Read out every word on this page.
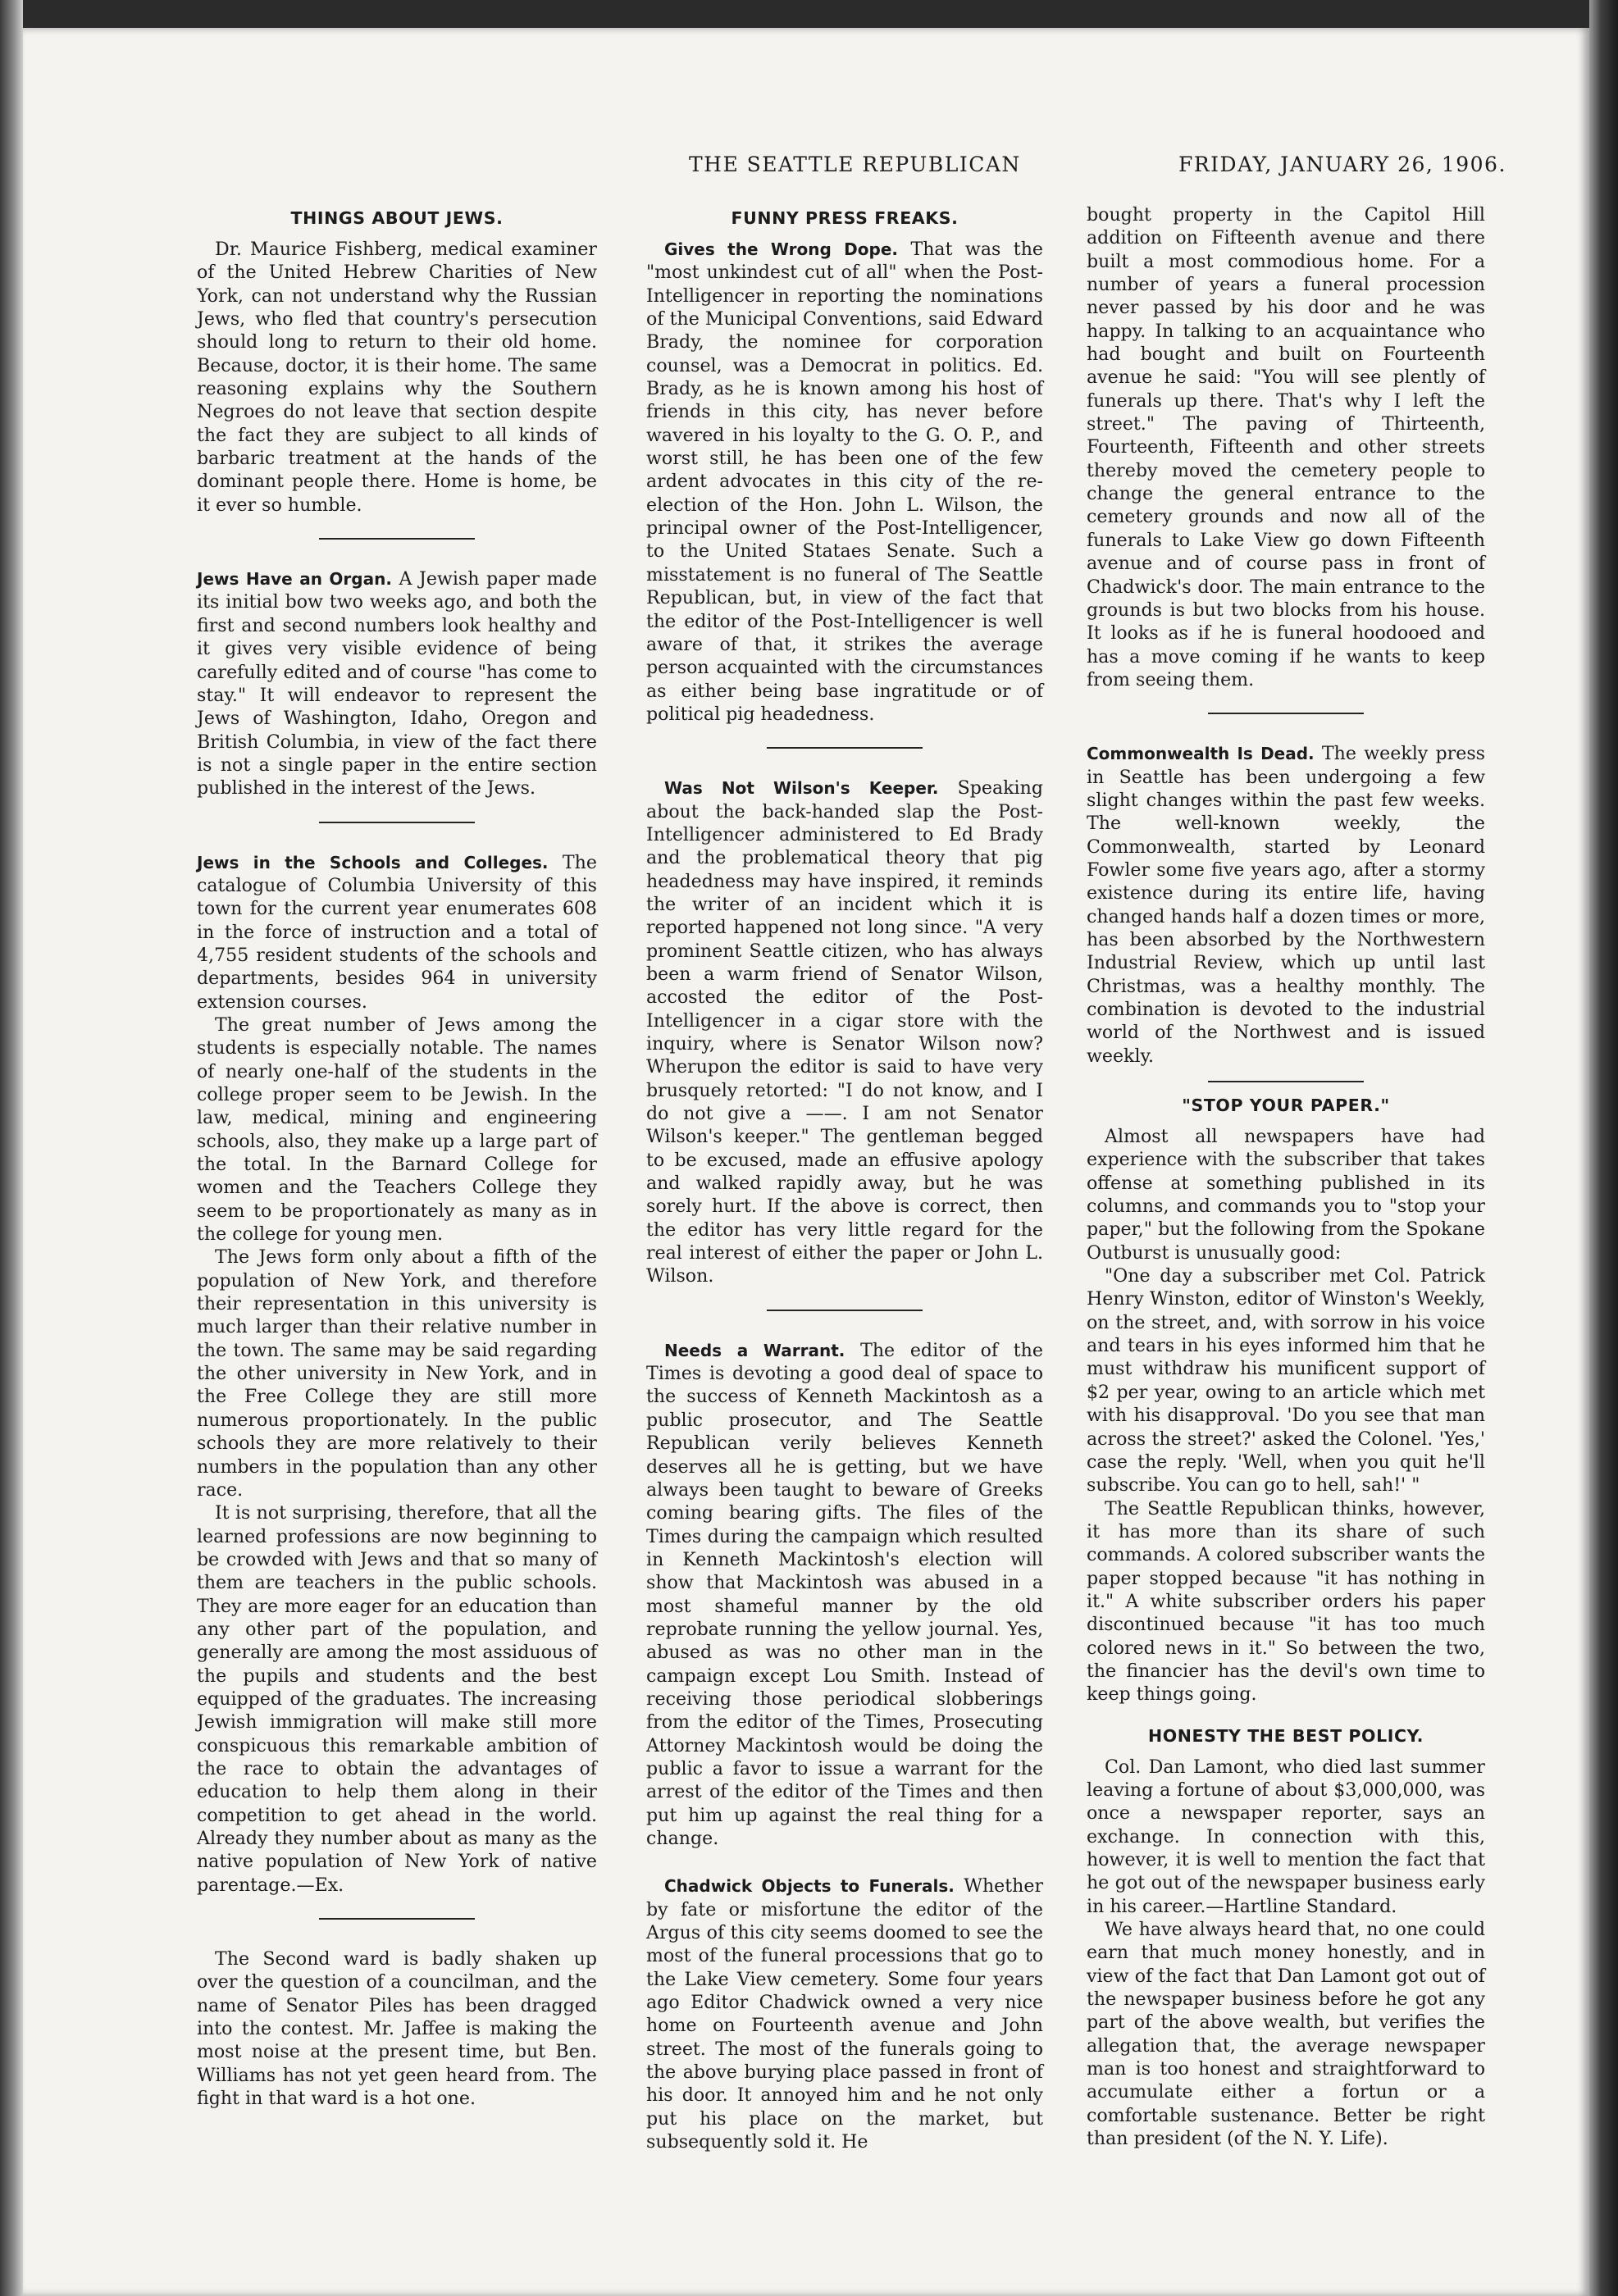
THE SEATTLE REPUBLICAN	FRIDAY, JANUARY 26, 1906.
THINGS ABOUT JEWS.

Dr. Maurice Fishberg, medical examiner of the United Hebrew Charities of New York, can not understand why the Russian Jews, who fled that country's persecution should long to return to their old home. Because, doctor, it is their home. The same reasoning explains why the Southern Negroes do not leave that section despite the fact they are subject to all kinds of barbaric treatment at the hands of the dominant people there. Home is home, be it ever so humble.

Jews Have an Organ. A Jewish paper made its initial bow two weeks ago, and both the first and second numbers look healthy and it gives very visible evidence of being carefully edited and of course "has come to stay." It will endeavor to represent the Jews of Washington, Idaho, Oregon and British Columbia, in view of the fact there is not a single paper in the entire section published in the interest of the Jews.

Jews in the Schools and Colleges. The catalogue of Columbia University of this town for the current year enumerates 608 in the force of instruction and a total of 4,755 resident students of the schools and departments, besides 964 in university extension courses.

The great number of Jews among the students is especially notable. The names of nearly one-half of the students in the college proper seem to be Jewish. In the law, medical, mining and engineering schools, also, they make up a large part of the total. In the Barnard College for women and the Teachers College they seem to be proportionately as many as in the college for young men.

The Jews form only about a fifth of the population of New York, and therefore their representation in this university is much larger than their relative number in the town. The same may be said regarding the other university in New York, and in the Free College they are still more numerous proportionately. In the public schools they are more relatively to their numbers in the population than any other race.

It is not surprising, therefore, that all the learned professions are now beginning to be crowded with Jews and that so many of them are teachers in the public schools. They are more eager for an education than any other part of the population, and generally are among the most assiduous of the pupils and students and the best equipped of the graduates. The increasing Jewish immigration will make still more conspicuous this remarkable ambition of the race to obtain the advantages of education to help them along in their competition to get ahead in the world. Already they number about as many as the native population of New York of native parentage.—Ex.

The Second ward is badly shaken up over the question of a councilman, and the name of Senator Piles has been dragged into the contest. Mr. Jaffee is making the most noise at the present time, but Ben. Williams has not yet geen heard from. The fight in that ward is a hot one.

FUNNY PRESS FREAKS.

Gives the Wrong Dope. That was the "most unkindest cut of all" when the Post-Intelligencer in reporting the nominations of the Municipal Conventions, said Edward Brady, the nominee for corporation counsel, was a Democrat in politics. Ed. Brady, as he is known among his host of friends in this city, has never before wavered in his loyalty to the G. O. P., and worst still, he has been one of the few ardent advocates in this city of the re-election of the Hon. John L. Wilson, the principal owner of the Post-Intelligencer, to the United Stataes Senate. Such a misstatement is no funeral of The Seattle Republican, but, in view of the fact that the editor of the Post-Intelligencer is well aware of that, it strikes the average person acquainted with the circumstances as either being base ingratitude or of political pig headedness.

Was Not Wilson's Keeper. Speaking about the back-handed slap the Post-Intelligencer administered to Ed Brady and the problematical theory that pig headedness may have inspired, it reminds the writer of an incident which it is reported happened not long since. "A very prominent Seattle citizen, who has always been a warm friend of Senator Wilson, accosted the editor of the Post-Intelligencer in a cigar store with the inquiry, where is Senator Wilson now? Wherupon the editor is said to have very brusquely retorted: "I do not know, and I do not give a ——. I am not Senator Wilson's keeper." The gentleman begged to be excused, made an effusive apology and walked rapidly away, but he was sorely hurt. If the above is correct, then the editor has very little regard for the real interest of either the paper or John L. Wilson.

Needs a Warrant. The editor of the Times is devoting a good deal of space to the success of Kenneth Mackintosh as a public prosecutor, and The Seattle Republican verily believes Kenneth deserves all he is getting, but we have always been taught to beware of Greeks coming bearing gifts. The files of the Times during the campaign which resulted in Kenneth Mackintosh's election will show that Mackintosh was abused in a most shameful manner by the old reprobate running the yellow journal. Yes, abused as was no other man in the campaign except Lou Smith. Instead of receiving those periodical slobberings from the editor of the Times, Prosecuting Attorney Mackintosh would be doing the public a favor to issue a warrant for the arrest of the editor of the Times and then put him up against the real thing for a change.

Chadwick Objects to Funerals. Whether by fate or misfortune the editor of the Argus of this city seems doomed to see the most of the funeral processions that go to the Lake View cemetery. Some four years ago Editor Chadwick owned a very nice home on Fourteenth avenue and John street. The most of the funerals going to the above burying place passed in front of his door. It annoyed him and he not only put his place on the market, but subsequently sold it. He

bought property in the Capitol Hill addition on Fifteenth avenue and there built a most commodious home. For a number of years a funeral procession never passed by his door and he was happy. In talking to an acquaintance who had bought and built on Fourteenth avenue he said: "You will see plently of funerals up there. That's why I left the street." The paving of Thirteenth, Fourteenth, Fifteenth and other streets thereby moved the cemetery people to change the general entrance to the cemetery grounds and now all of the funerals to Lake View go down Fifteenth avenue and of course pass in front of Chadwick's door. The main entrance to the grounds is but two blocks from his house. It looks as if he is funeral hoodooed and has a move coming if he wants to keep from seeing them.

Commonwealth Is Dead. The weekly press in Seattle has been undergoing a few slight changes within the past few weeks. The well-known weekly, the Commonwealth, started by Leonard Fowler some five years ago, after a stormy existence during its entire life, having changed hands half a dozen times or more, has been absorbed by the Northwestern Industrial Review, which up until last Christmas, was a healthy monthly. The combination is devoted to the industrial world of the Northwest and is issued weekly.

"STOP YOUR PAPER."

Almost all newspapers have had experience with the subscriber that takes offense at something published in its columns, and commands you to "stop your paper," but the following from the Spokane Outburst is unusually good:

"One day a subscriber met Col. Patrick Henry Winston, editor of Winston's Weekly, on the street, and, with sorrow in his voice and tears in his eyes informed him that he must withdraw his munificent support of $2 per year, owing to an article which met with his disapproval. 'Do you see that man across the street?' asked the Colonel. 'Yes,' case the reply. 'Well, when you quit he'll subscribe. You can go to hell, sah!' "

The Seattle Republican thinks, however, it has more than its share of such commands. A colored subscriber wants the paper stopped because "it has nothing in it." A white subscriber orders his paper discontinued because "it has too much colored news in it." So between the two, the financier has the devil's own time to keep things going.

HONESTY THE BEST POLICY.

Col. Dan Lamont, who died last summer leaving a fortune of about $3,000,000, was once a newspaper reporter, says an exchange. In connection with this, however, it is well to mention the fact that he got out of the newspaper business early in his career.—Hartline Standard.

We have always heard that, no one could earn that much money honestly, and in view of the fact that Dan Lamont got out of the newspaper business before he got any part of the above wealth, but verifies the allegation that, the average newspaper man is too honest and straightforward to accumulate either a fortun or a comfortable sustenance. Better be right than president (of the N. Y. Life).
